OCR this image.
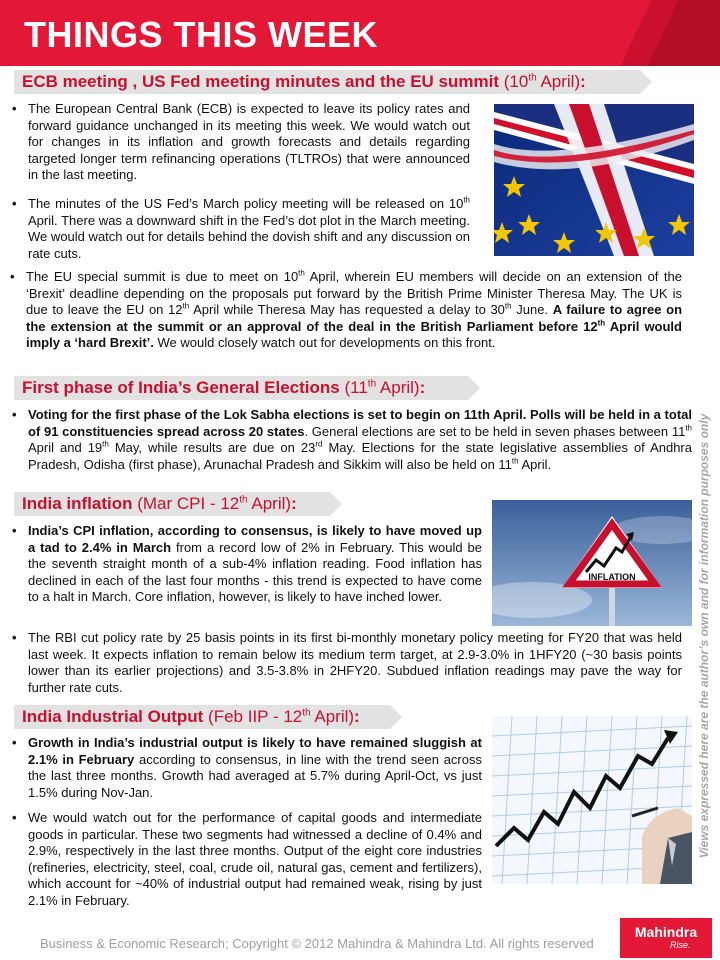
THINGS THIS WEEK
ECB meeting , US Fed meeting minutes and the EU summit (10th April):
• The European Central Bank (ECB) is expected to leave its policy rates and forward guidance unchanged in its meeting this week. We would watch out for changes in its inflation and growth forecasts and details regarding targeted longer term refinancing operations (TLTROs) that were announced in the last meeting.
• The minutes of the US Fed’s March policy meeting will be released on 10th April. There was a downward shift in the Fed’s dot plot in the March meeting. We would watch out for details behind the dovish shift and any discussion on rate cuts.
• The EU special summit is due to meet on 10th April, wherein EU members will decide on an extension of the ‘Brexit’ deadline depending on the proposals put forward by the British Prime Minister Theresa May. The UK is due to leave the EU on 12th April while Theresa May has requested a delay to 30th June. A failure to agree on the extension at the summit or an approval of the deal in the British Parliament before 12th April would imply a ‘hard Brexit’. We would closely watch out for developments on this front.
First phase of India’s General Elections (11th April):
• Voting for the first phase of the Lok Sabha elections is set to begin on 11th April. Polls will be held in a total of 91 constituencies spread across 20 states. General elections are set to be held in seven phases between 11th April and 19th May, while results are due on 23rd May. Elections for the state legislative assemblies of Andhra Pradesh, Odisha (first phase), Arunachal Pradesh and Sikkim will also be held on 11th April.
India inflation (Mar CPI - 12th April):
• India’s CPI inflation, according to consensus, is likely to have moved up a tad to 2.4% in March from a record low of 2% in February. This would be the seventh straight month of a sub-4% inflation reading. Food inflation has declined in each of the last four months - this trend is expected to have come to a halt in March. Core inflation, however, is likely to have inched lower.
INFLATION
• The RBI cut policy rate by 25 basis points in its first bi-monthly monetary policy meeting for FY20 that was held last week. It expects inflation to remain below its medium term target, at 2.9-3.0% in 1HFY20 (~30 basis points lower than its earlier projections) and 3.5-3.8% in 2HFY20. Subdued inflation readings may pave the way for further rate cuts.
India Industrial Output (Feb IIP - 12th April):
• Growth in India’s industrial output is likely to have remained sluggish at 2.1% in February according to consensus, in line with the trend seen across the last three months. Growth had averaged at 5.7% during April-Oct, vs just 1.5% during Nov-Jan.
• We would watch out for the performance of capital goods and intermediate goods in particular. These two segments had witnessed a decline of 0.4% and 2.9%, respectively in the last three months. Output of the eight core industries (refineries, electricity, steel, coal, crude oil, natural gas, cement and fertilizers), which account for ~40% of industrial output had remained weak, rising by just 2.1% in February.
Views expressed here are the author’s own and for information purposes only
Business & Economic Research; Copyright © 2012 Mahindra & Mahindra Ltd. All rights reserved
Mahindra
Rise.
